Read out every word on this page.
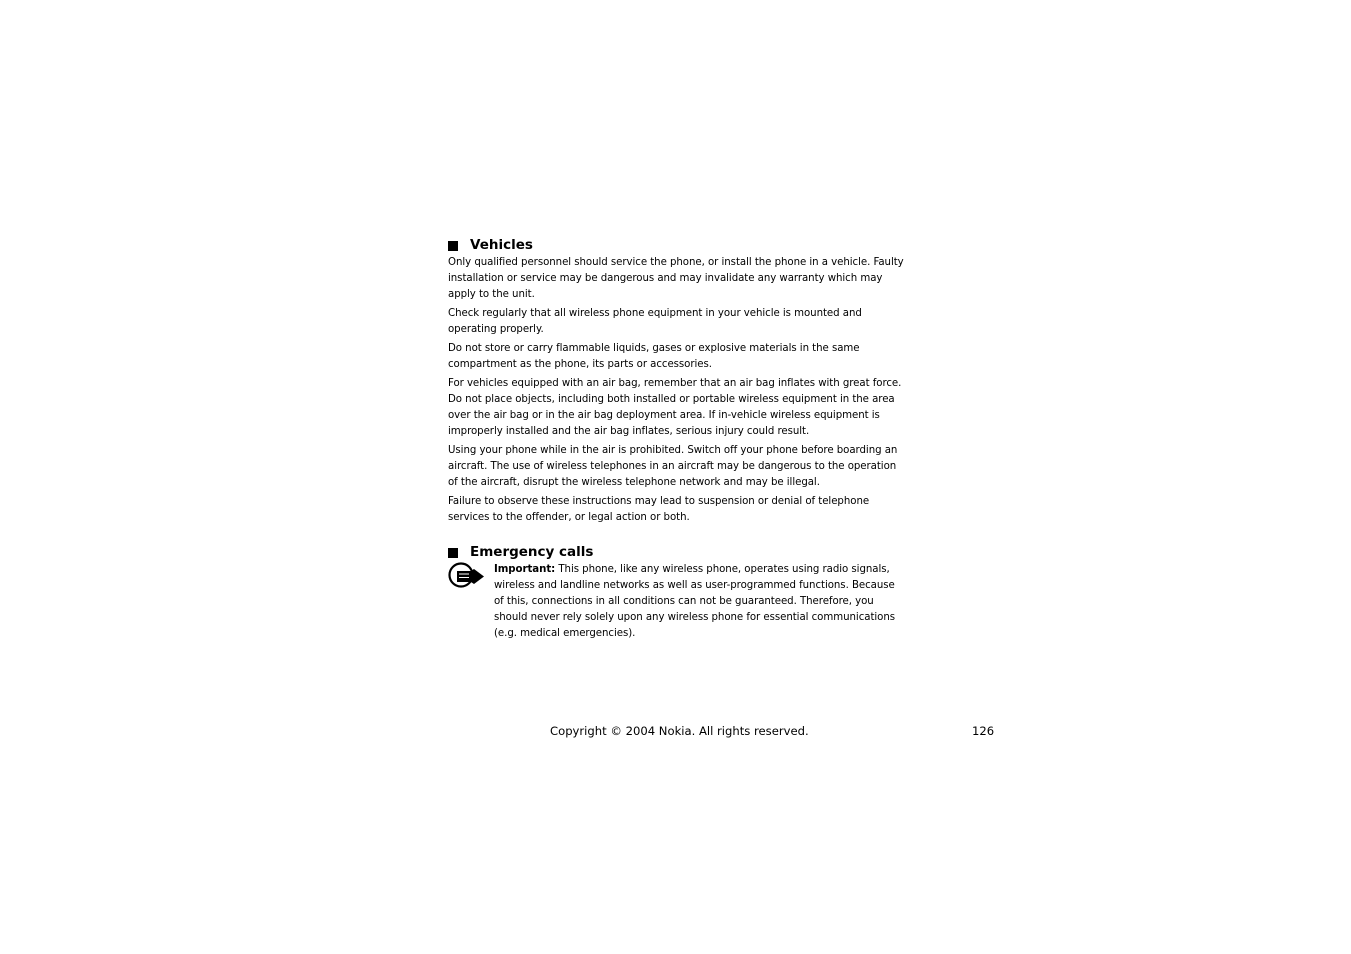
Vehicles

Only qualified personnel should service the phone, or install the phone in a vehicle. Faulty installation or service may be dangerous and may invalidate any warranty which may apply to the unit.

Check regularly that all wireless phone equipment in your vehicle is mounted and operating properly.

Do not store or carry flammable liquids, gases or explosive materials in the same compartment as the phone, its parts or accessories.

For vehicles equipped with an air bag, remember that an air bag inflates with great force. Do not place objects, including both installed or portable wireless equipment in the area over the air bag or in the air bag deployment area. If in-vehicle wireless equipment is improperly installed and the air bag inflates, serious injury could result.

Using your phone while in the air is prohibited. Switch off your phone before boarding an aircraft. The use of wireless telephones in an aircraft may be dangerous to the operation of the aircraft, disrupt the wireless telephone network and may be illegal.

Failure to observe these instructions may lead to suspension or denial of telephone services to the offender, or legal action or both.

Emergency calls

Important: This phone, like any wireless phone, operates using radio signals, wireless and landline networks as well as user-programmed functions. Because of this, connections in all conditions can not be guaranteed. Therefore, you should never rely solely upon any wireless phone for essential communications (e.g. medical emergencies).

Copyright © 2004 Nokia. All rights reserved.	126
